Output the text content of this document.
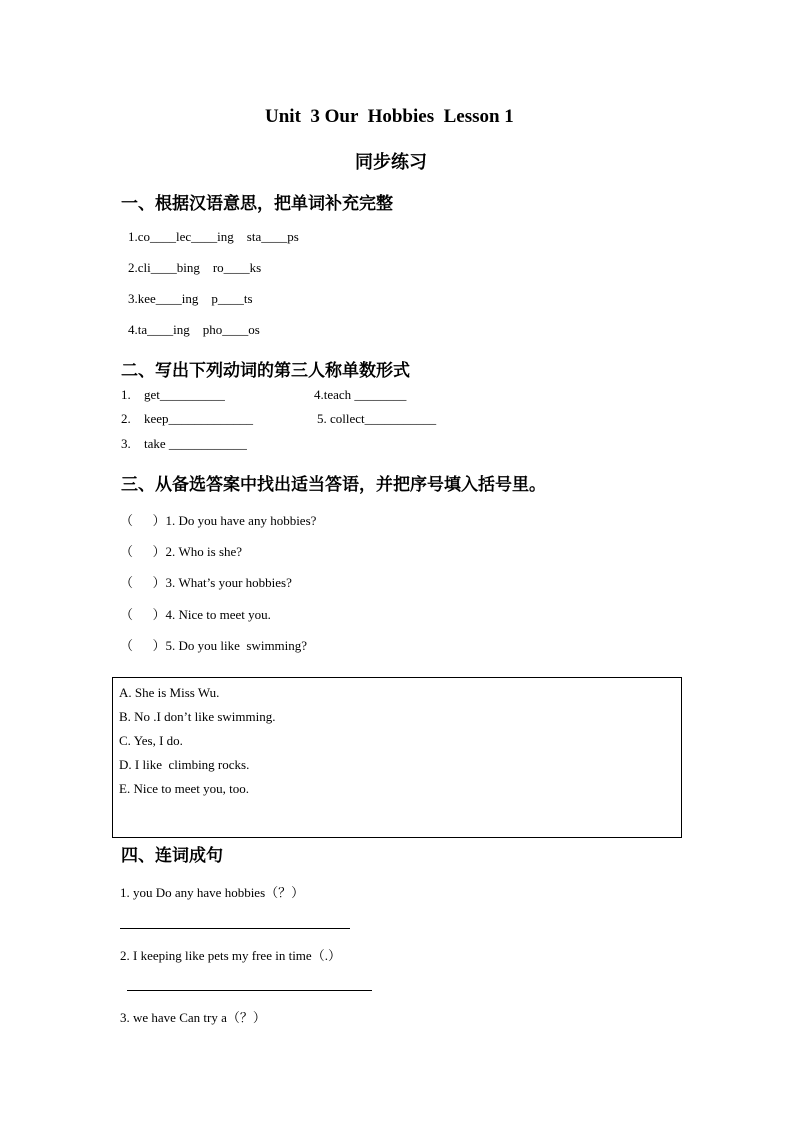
Unit  3 Our  Hobbies  Lesson 1
同步练习
一、根据汉语意思，把单词补充完整
1.co____lec____ing    sta____ps
2.cli____bing    ro____ks
3.kee____ing    p____ts
4.ta____ing    pho____os
二、写出下列动词的第三人称单数形式
1. get__________	4.teach ________
2. keep_____________	5. collect___________
3. take ____________
三、从备选答案中找出适当答语，并把序号填入括号里。
（      ）1. Do you have any hobbies?
（      ）2. Who is she?
（      ）3. What’s your hobbies?
（      ）4. Nice to meet you.
（      ）5. Do you like  swimming?
A. She is Miss Wu.
B. No .I don’t like swimming.
C. Yes, I do.
D. I like  climbing rocks.
E. Nice to meet you, too.
四、连词成句
1. you Do any have hobbies（？）
2. I keeping like pets my free in time（.）
3. we have Can try a（？）
